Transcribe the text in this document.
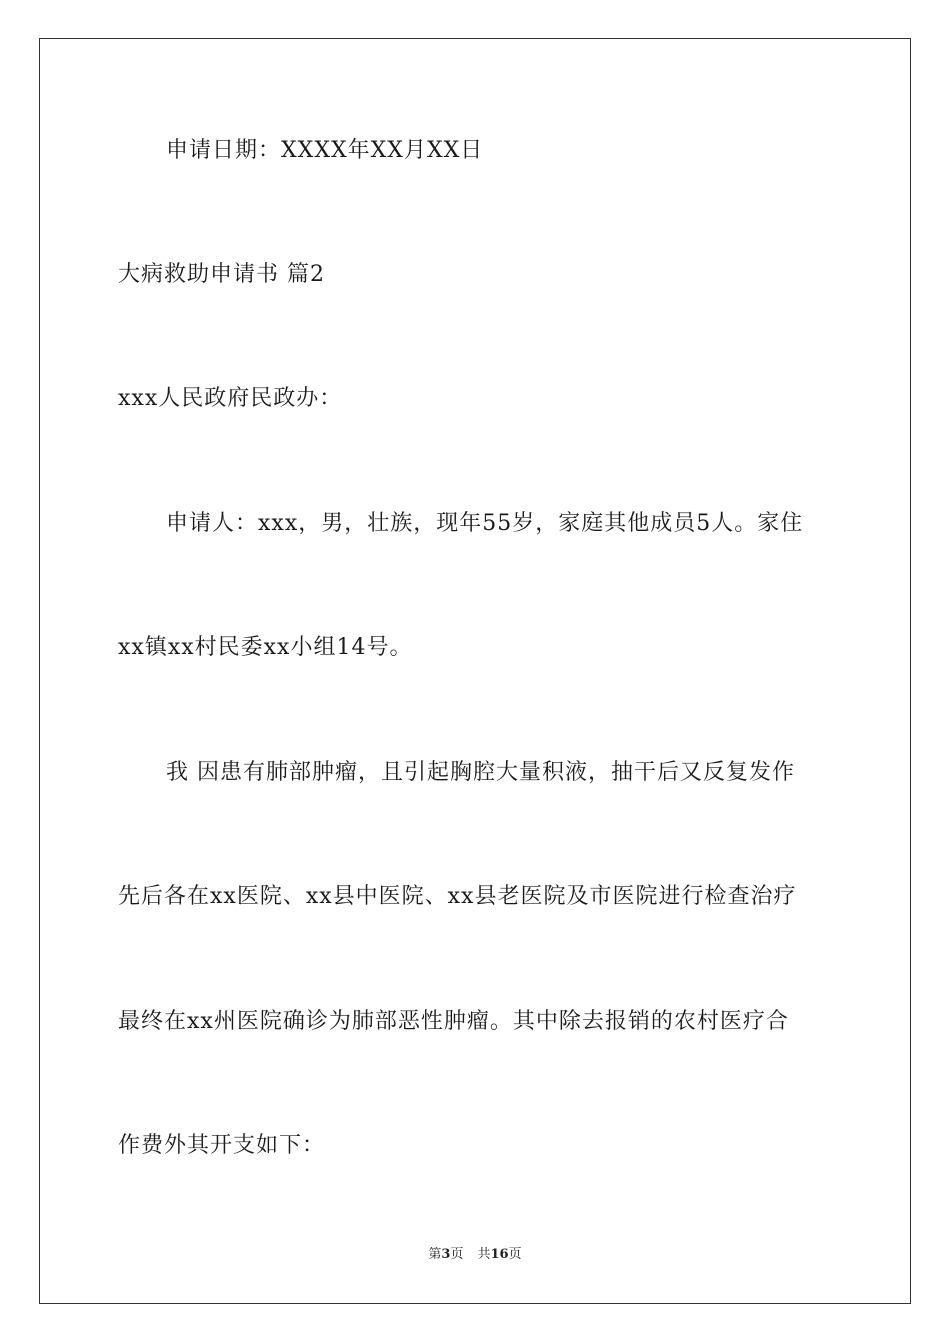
申请日期：XXXX年XX月XX日
大病救助申请书 篇2
xxx人民政府民政办：
申请人：xxx，男，壮族，现年55岁，家庭其他成员5人。家住
xx镇xx村民委xx小组14号。
我 因患有肺部肿瘤，且引起胸腔大量积液，抽干后又反复发作
先后各在xx医院、xx县中医院、xx县老医院及市医院进行检查治疗
最终在xx州医院确诊为肺部恶性肿瘤。其中除去报销的农村医疗合
作费外其开支如下：
第3页 共16页
